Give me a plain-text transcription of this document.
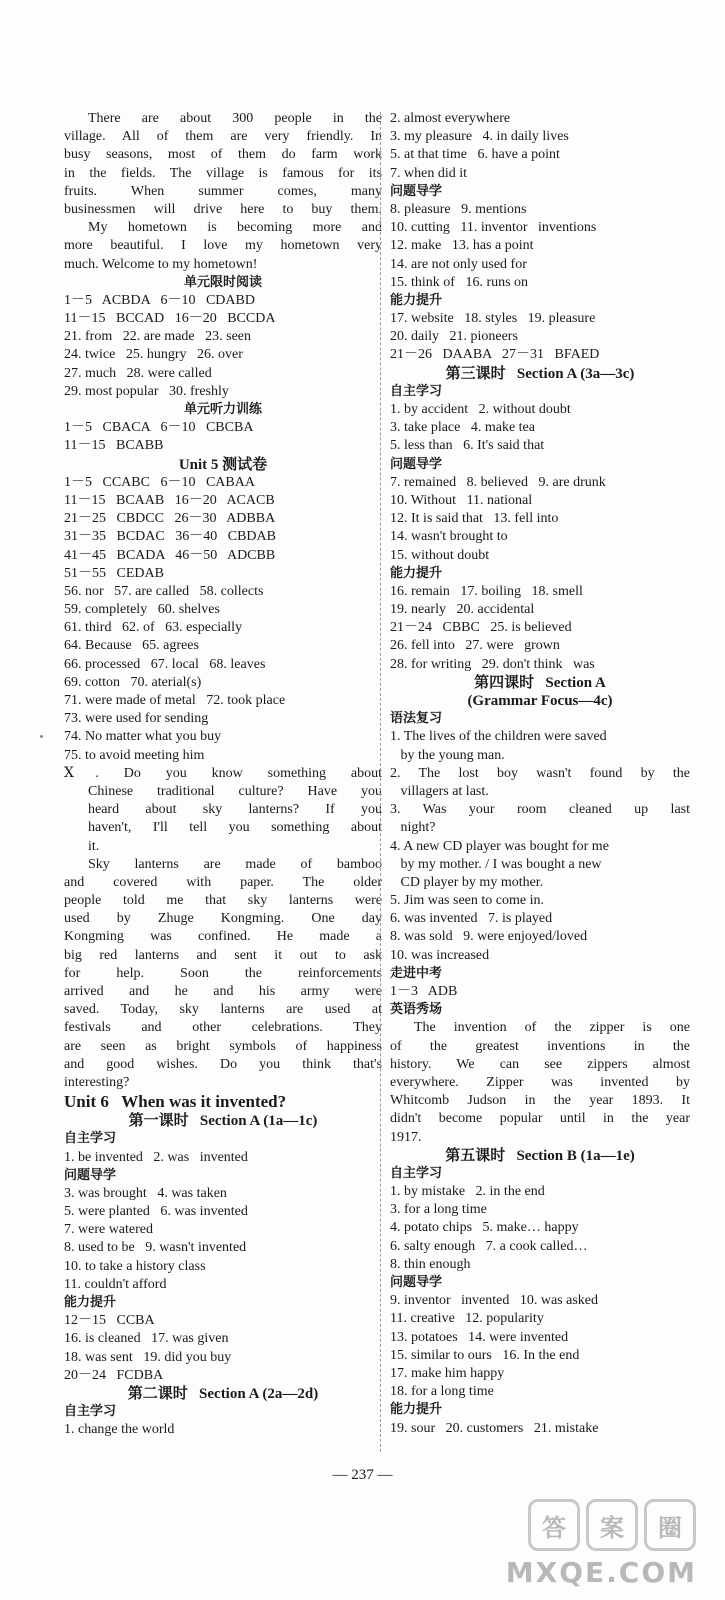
There are about 300 people in the
village. All of them are very friendly. In
busy seasons, most of them do farm work
in the fields. The village is famous for its
fruits. When summer comes, many
businessmen will drive here to buy them.
My hometown is becoming more and
more beautiful. I love my hometown very
much. Welcome to my hometown!
单元限时阅读
1－5   ACBDA   6－10   CDABD
11－15   BCCAD   16－20   BCCDA
21. from   22. are made   23. seen
24. twice   25. hungry   26. over
27. much   28. were called
29. most popular   30. freshly
单元听力训练
1－5   CBACA   6－10   CBCBA
11－15   BCABB
Unit 5 测试卷
1－5   CCABC   6－10   CABAA
11－15   BCAAB   16－20   ACACB
21－25   CBDCC   26－30   ADBBA
31－35   BCDAC   36－40   CBDAB
41－45   BCADA   46－50   ADCBB
51－55   CEDAB
56. nor   57. are called   58. collects
59. completely   60. shelves
61. third   62. of   63. especially
64. Because   65. agrees
66. processed   67. local   68. leaves
69. cotton   70. aterial(s)
71. were made of metal   72. took place
73. were used for sending
74. No matter what you buy
75. to avoid meeting him
Ⅹ. Do you know something about
Chinese traditional culture? Have you
heard about sky lanterns? If you
haven't, I'll tell you something about
it.
Sky lanterns are made of bamboo
and covered with paper. The older
people told me that sky lanterns were
used by Zhuge Kongming. One day
Kongming was confined. He made a
big red lanterns and sent it out to ask
for help. Soon the reinforcements
arrived and he and his army were
saved. Today, sky lanterns are used at
festivals and other celebrations. They
are seen as bright symbols of happiness
and good wishes. Do you think that's
interesting?
Unit 6   When was it invented?
第一课时   Section A (1a—1c)
自主学习
1. be invented   2. was   invented
问题导学
3. was brought   4. was taken
5. were planted   6. was invented
7. were watered
8. used to be   9. wasn't invented
10. to take a history class
11. couldn't afford
能力提升
12－15   CCBA
16. is cleaned   17. was given
18. was sent   19. did you buy
20－24   FCDBA
第二课时   Section A (2a—2d)
自主学习
1. change the world
2. almost everywhere
3. my pleasure   4. in daily lives
5. at that time   6. have a point
7. when did it
问题导学
8. pleasure   9. mentions
10. cutting   11. inventor   inventions
12. make   13. has a point
14. are not only used for
15. think of   16. runs on
能力提升
17. website   18. styles   19. pleasure
20. daily   21. pioneers
21－26   DAABA   27－31   BFAED
第三课时   Section A (3a—3c)
自主学习
1. by accident   2. without doubt
3. take place   4. make tea
5. less than   6. It's said that
问题导学
7. remained   8. believed   9. are drunk
10. Without   11. national
12. It is said that   13. fell into
14. wasn't brought to
15. without doubt
能力提升
16. remain   17. boiling   18. smell
19. nearly   20. accidental
21－24   CBBC   25. is believed
26. fell into   27. were   grown
28. for writing   29. don't think   was
第四课时   Section A
(Grammar Focus—4c)
语法复习
1. The lives of the children were saved
by the young man.
2. The lost boy wasn't found by the
villagers at last.
3. Was your room cleaned up last
night?
4. A new CD player was bought for me
by my mother. / I was bought a new
CD player by my mother.
5. Jim was seen to come in.
6. was invented   7. is played
8. was sold   9. were enjoyed/loved
10. was increased
走进中考
1－3   ADB
英语秀场
The invention of the zipper is one
of the greatest inventions in the
history. We can see zippers almost
everywhere. Zipper was invented by
Whitcomb Judson in the year 1893. It
didn't become popular until in the year
1917.
第五课时   Section B (1a—1e)
自主学习
1. by mistake   2. in the end
3. for a long time
4. potato chips   5. make… happy
6. salty enough   7. a cook called…
8. thin enough
问题导学
9. inventor   invented   10. was asked
11. creative   12. popularity
13. potatoes   14. were invented
15. similar to ours   16. In the end
17. make him happy
18. for a long time
能力提升
19. sour   20. customers   21. mistake
— 237 —
答	案	圈
MXQE.COM
